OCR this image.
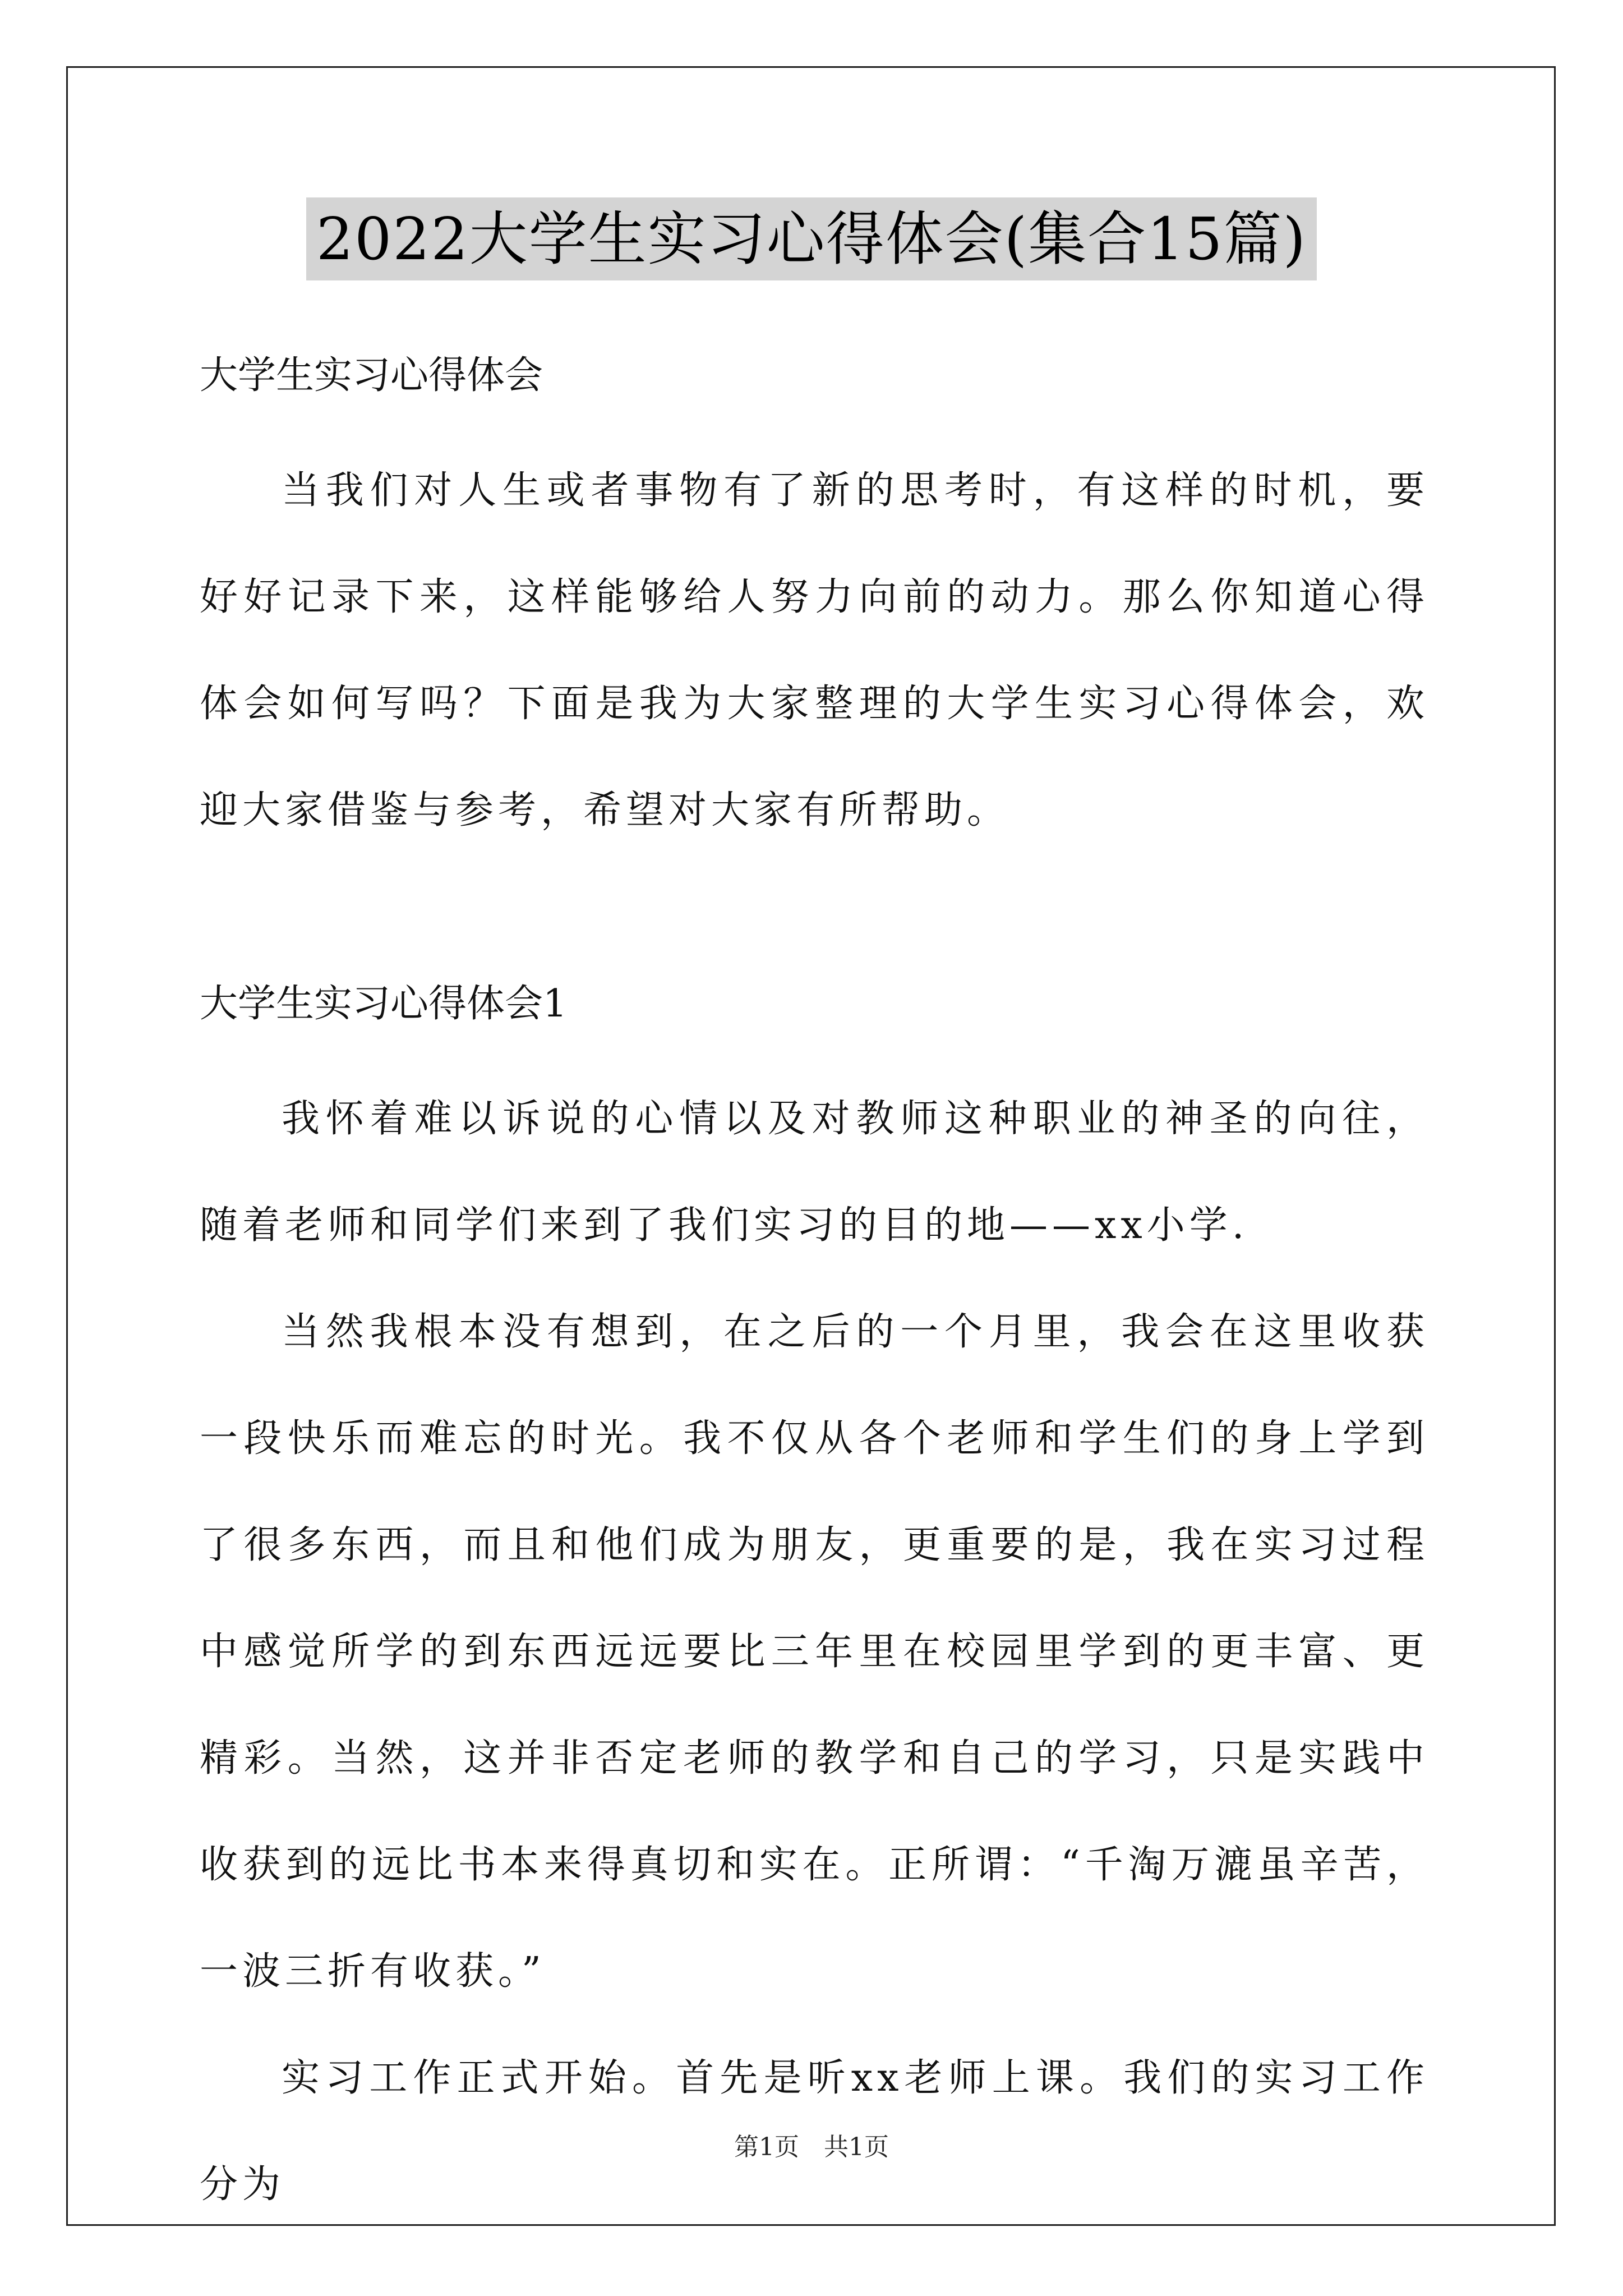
2022大学生实习心得体会(集合15篇)

大学生实习心得体会

当我们对人生或者事物有了新的思考时，有这样的时机，要好好记录下来，这样能够给人努力向前的动力。那么你知道心得体会如何写吗？下面是我为大家整理的大学生实习心得体会，欢迎大家借鉴与参考，希望对大家有所帮助。

大学生实习心得体会1

我怀着难以诉说的心情以及对教师这种职业的神圣的向往，随着老师和同学们来到了我们实习的目的地——xx小学.

当然我根本没有想到，在之后的一个月里，我会在这里收获一段快乐而难忘的时光。我不仅从各个老师和学生们的身上学到了很多东西，而且和他们成为朋友，更重要的是，我在实习过程中感觉所学的到东西远远要比三年里在校园里学到的更丰富、更精彩。当然，这并非否定老师的教学和自己的学习，只是实践中收获到的远比书本来得真切和实在。正所谓：“千淘万漉虽辛苦，一波三折有收获。”

实习工作正式开始。首先是听xx老师上课。我们的实习工作分为

第1页　共1页
